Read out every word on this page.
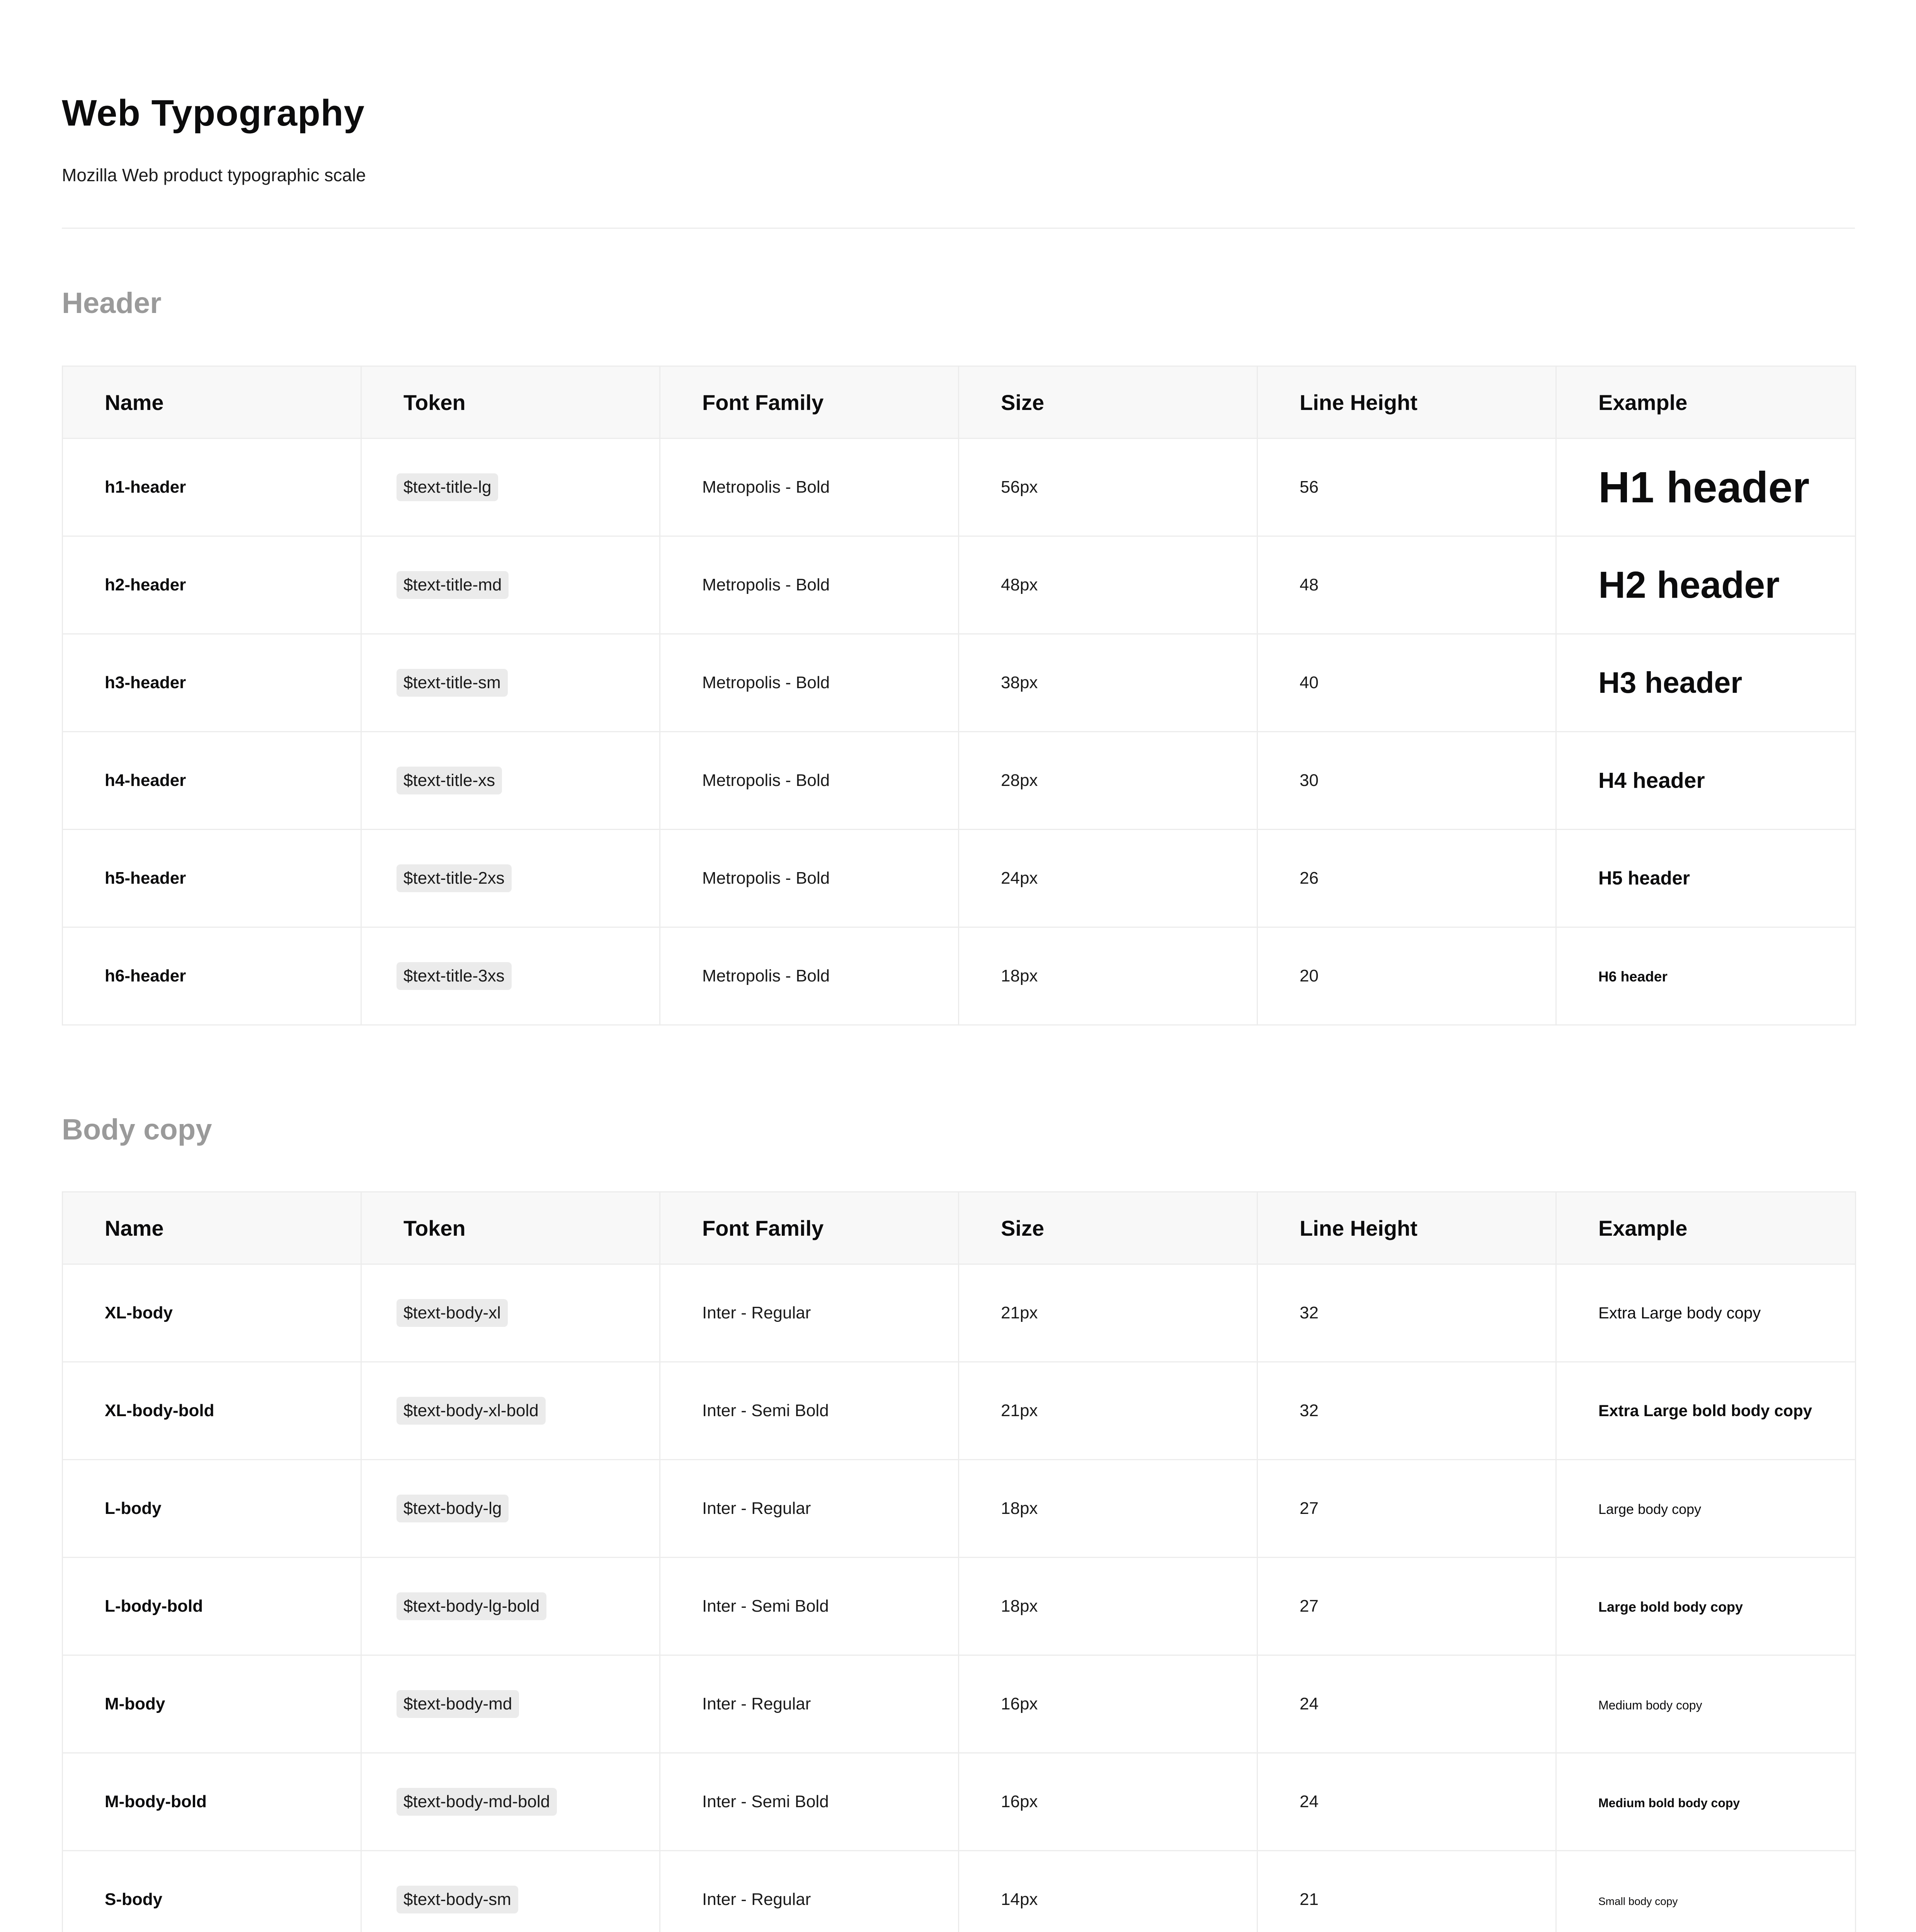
Web Typography

Mozilla Web product typographic scale

Header
Name	Token	Font Family	Size	Line Height	Example
h1-header	$text-title-lg	Metropolis - Bold	56px	56	H1 header
h2-header	$text-title-md	Metropolis - Bold	48px	48	H2 header
h3-header	$text-title-sm	Metropolis - Bold	38px	40	H3 header
h4-header	$text-title-xs	Metropolis - Bold	28px	30	H4 header
h5-header	$text-title-2xs	Metropolis - Bold	24px	26	H5 header
h6-header	$text-title-3xs	Metropolis - Bold	18px	20	H6 header
Body copy
Name	Token	Font Family	Size	Line Height	Example
XL-body	$text-body-xl	Inter - Regular	21px	32	Extra Large body copy
XL-body-bold	$text-body-xl-bold	Inter - Semi Bold	21px	32	Extra Large bold body copy
L-body	$text-body-lg	Inter - Regular	18px	27	Large body copy
L-body-bold	$text-body-lg-bold	Inter - Semi Bold	18px	27	Large bold body copy
M-body	$text-body-md	Inter - Regular	16px	24	Medium body copy
M-body-bold	$text-body-md-bold	Inter - Semi Bold	16px	24	Medium bold body copy
S-body	$text-body-sm	Inter - Regular	14px	21	Small body copy
